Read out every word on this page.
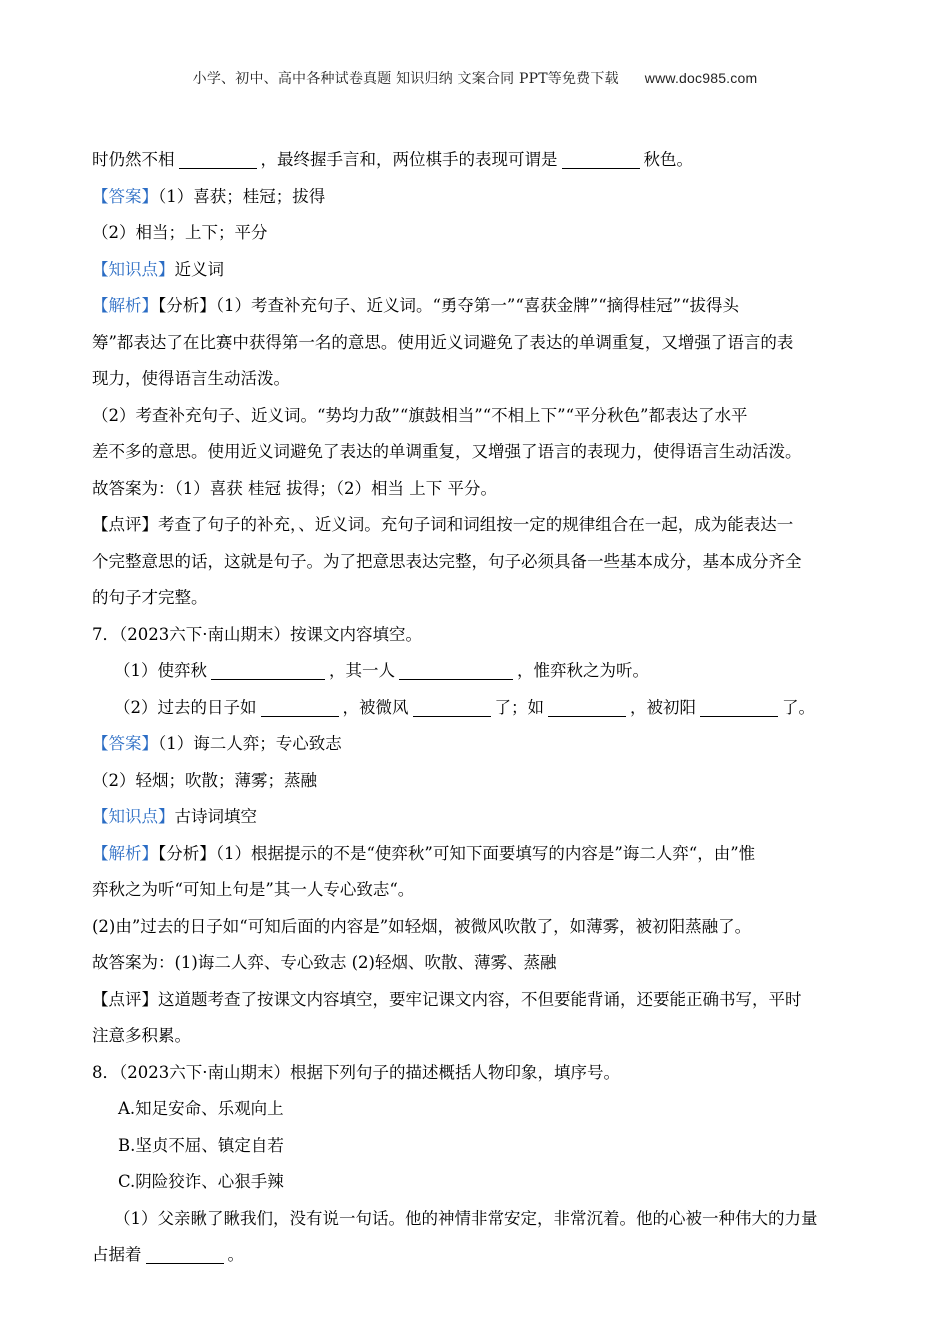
小学、初中、高中各种试卷真题 知识归纳 文案合同 PPT等免费下载 www.doc985.com
时仍然不相	，最终握手言和，两位棋手的表现可谓是	秋色。
【答案】（1）喜获；桂冠；拔得
（2）相当；上下；平分
【知识点】近义词
【解析】【分析】（1）考查补充句子、近义词。“勇夺第一”“喜获金牌”“摘得桂冠”“拔得头
筹”都表达了在比赛中获得第一名的意思。使用近义词避免了表达的单调重复，又增强了语言的表
现力，使得语言生动活泼。
（2）考查补充句子、近义词。“势均力敌”“旗鼓相当”“不相上下”“平分秋色”都表达了水平
差不多的意思。使用近义词避免了表达的单调重复，又增强了语言的表现力，使得语言生动活泼。
故答案为：（1）喜获 桂冠 拔得；（2）相当 上下 平分。
【点评】考查了句子的补充，、近义词。充句子词和词组按一定的规律组合在一起，成为能表达一
个完整意思的话，这就是句子。为了把意思表达完整，句子必须具备一些基本成分，基本成分齐全
的句子才完整。
7．（2023六下·南山期末）按课文内容填空。
（1）使弈秋	，其一人	，惟弈秋之为听。
（2）过去的日子如	，被微风	了；如	，被初阳	了。
【答案】（1）诲二人弈；专心致志
（2）轻烟；吹散；薄雾；蒸融
【知识点】古诗词填空
【解析】【分析】（1）根据提示的不是“使弈秋”可知下面要填写的内容是”诲二人弈“，由”惟
弈秋之为听“可知上句是”其一人专心致志“。
(2)由”过去的日子如“可知后面的内容是”如轻烟，被微风吹散了，如薄雾，被初阳蒸融了。
故答案为：(1)诲二人弈、专心致志 (2)轻烟、吹散、薄雾、蒸融
【点评】这道题考查了按课文内容填空，要牢记课文内容，不但要能背诵，还要能正确书写，平时
注意多积累。
8．（2023六下·南山期末）根据下列句子的描述概括人物印象，填序号。
A.知足安命、乐观向上
B.坚贞不屈、镇定自若
C.阴险狡诈、心狠手辣
（1）父亲瞅了瞅我们，没有说一句话。他的神情非常安定，非常沉着。他的心被一种伟大的力量
占据着	。
